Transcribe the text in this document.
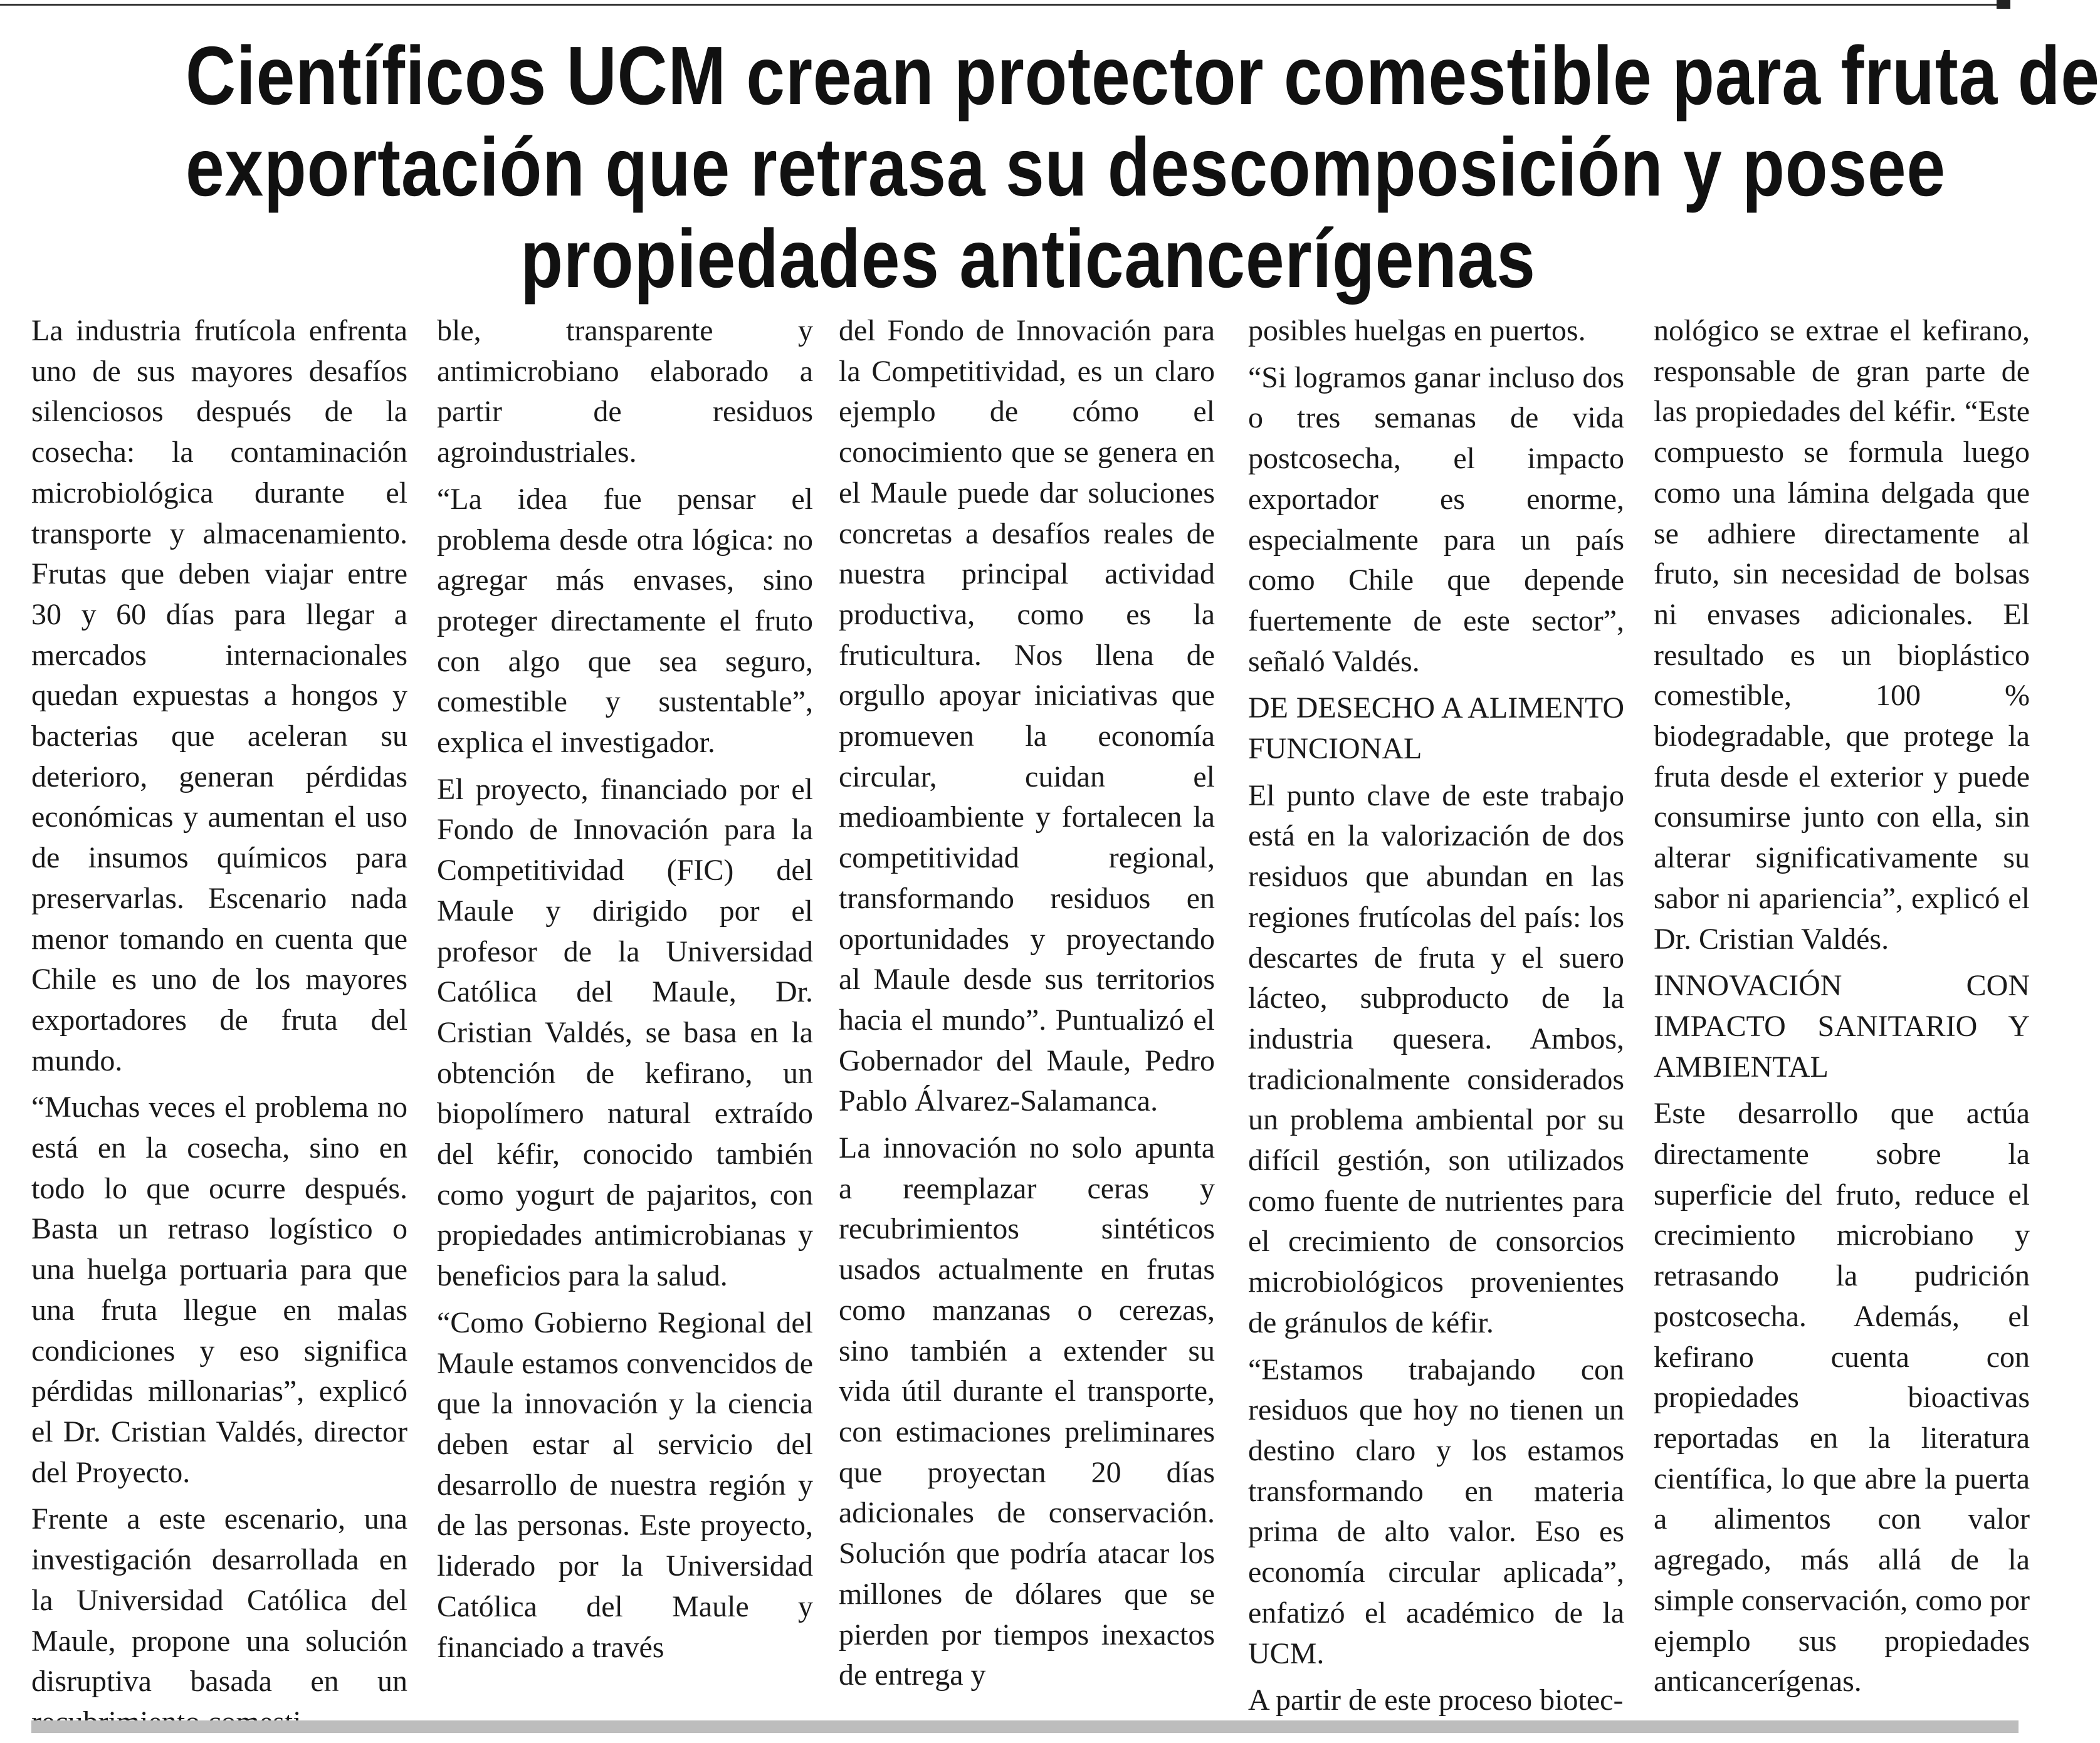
Científicos UCM crean protector comestible para fruta de
exportación que retrasa su descomposición y posee
propiedades anticancerígenas

La industria frutícola enfrenta uno de sus mayores desafíos silenciosos después de la cosecha: la contaminación microbiológica durante el transporte y almacenamiento. Frutas que deben viajar entre 30 y 60 días para llegar a mercados internacionales quedan expuestas a hongos y bacterias que aceleran su deterioro, generan pérdidas económicas y aumentan el uso de insumos químicos para preservarlas. Escenario nada menor tomando en cuenta que Chile es uno de los mayores exportadores de fruta del mundo.

“Muchas veces el problema no está en la cosecha, sino en todo lo que ocurre después. Basta un retraso logístico o una huelga portuaria para que una fruta llegue en malas condiciones y eso significa pérdidas millonarias”, explicó el Dr. Cristian Valdés, director del Proyecto.

Frente a este escenario, una investigación desarrollada en la Universidad Católica del Maule, propone una solución disruptiva basada en un

ble, transparente y antimicrobiano elaborado a partir de residuos agroindustriales.

“La idea fue pensar el problema desde otra lógica: no agregar más envases, sino proteger directamente el fruto con algo que sea seguro, comestible y sustentable”, explica el investigador.

El proyecto, financiado por el Fondo de Innovación para la Competitividad (FIC) del Maule y dirigido por el profesor de la Universidad Católica del Maule, Dr. Cristian Valdés, se basa en la obtención de kefirano, un biopolímero natural extraído del kéfir, conocido también como yogurt de pajaritos, con propiedades antimicrobianas y beneficios para la salud.

“Como Gobierno Regional del Maule estamos convencidos de que la innovación y la ciencia deben estar al servicio del desarrollo de nuestra región y de las personas. Este proyecto, liderado por la Universidad Católica del Maule y financiado a través

del Fondo de Innovación para la Competitividad, es un claro ejemplo de cómo el conocimiento que se genera en el Maule puede dar soluciones concretas a desafíos reales de nuestra principal actividad productiva, como es la fruticultura. Nos llena de orgullo apoyar iniciativas que promueven la economía circular, cuidan el medioambiente y fortalecen la competitividad regional, transformando residuos en oportunidades y proyectando al Maule desde sus territorios hacia el mundo”. Puntualizó el Gobernador del Maule, Pedro Pablo Álvarez-Salamanca.

La innovación no solo apunta a reemplazar ceras y recubrimientos sintéticos usados actualmente en frutas como manzanas o cerezas, sino también a extender su vida útil durante el transporte, con estimaciones preliminares que proyectan 20 días adicionales de conservación. Solución que podría atacar los millones de dólares que se pierden por tiempos inexactos de entrega y

posibles huelgas en puertos.

“Si logramos ganar incluso dos o tres semanas de vida postcosecha, el impacto exportador es enorme, especialmente para un país como Chile que depende fuertemente de este sector”, señaló Valdés.

DE DESECHO A ALIMENTO FUNCIONAL

El punto clave de este trabajo está en la valorización de dos residuos que abundan en las regiones frutícolas del país: los descartes de fruta y el suero lácteo, subproducto de la industria quesera. Ambos, tradicionalmente considerados un problema ambiental por su difícil gestión, son utilizados como fuente de nutrientes para el crecimiento de consorcios microbiológicos provenientes de gránulos de kéfir.

“Estamos trabajando con residuos que hoy no tienen un destino claro y los estamos transformando en materia prima de alto valor. Eso es economía circular aplicada”, enfatizó el académico de la UCM.

A partir de este proceso biotec-

nológico se extrae el kefirano, responsable de gran parte de las propiedades del kéfir. “Este compuesto se formula luego como una lámina delgada que se adhiere directamente al fruto, sin necesidad de bolsas ni envases adicionales. El resultado es un bioplástico comestible, 100 % biodegradable, que protege la fruta desde el exterior y puede consumirse junto con ella, sin alterar significativamente su sabor ni apariencia”, explicó el Dr. Cristian Valdés.

INNOVACIÓN CON IMPACTO SANITARIO Y AMBIENTAL

Este desarrollo que actúa directamente sobre la superficie del fruto, reduce el crecimiento microbiano y retrasando la pudrición postcosecha. Además, el kefirano cuenta con propiedades bioactivas reportadas en la literatura científica, lo que abre la puerta a alimentos con valor agregado, más allá de la simple conservación, como por ejemplo sus propiedades anticancerígenas.
